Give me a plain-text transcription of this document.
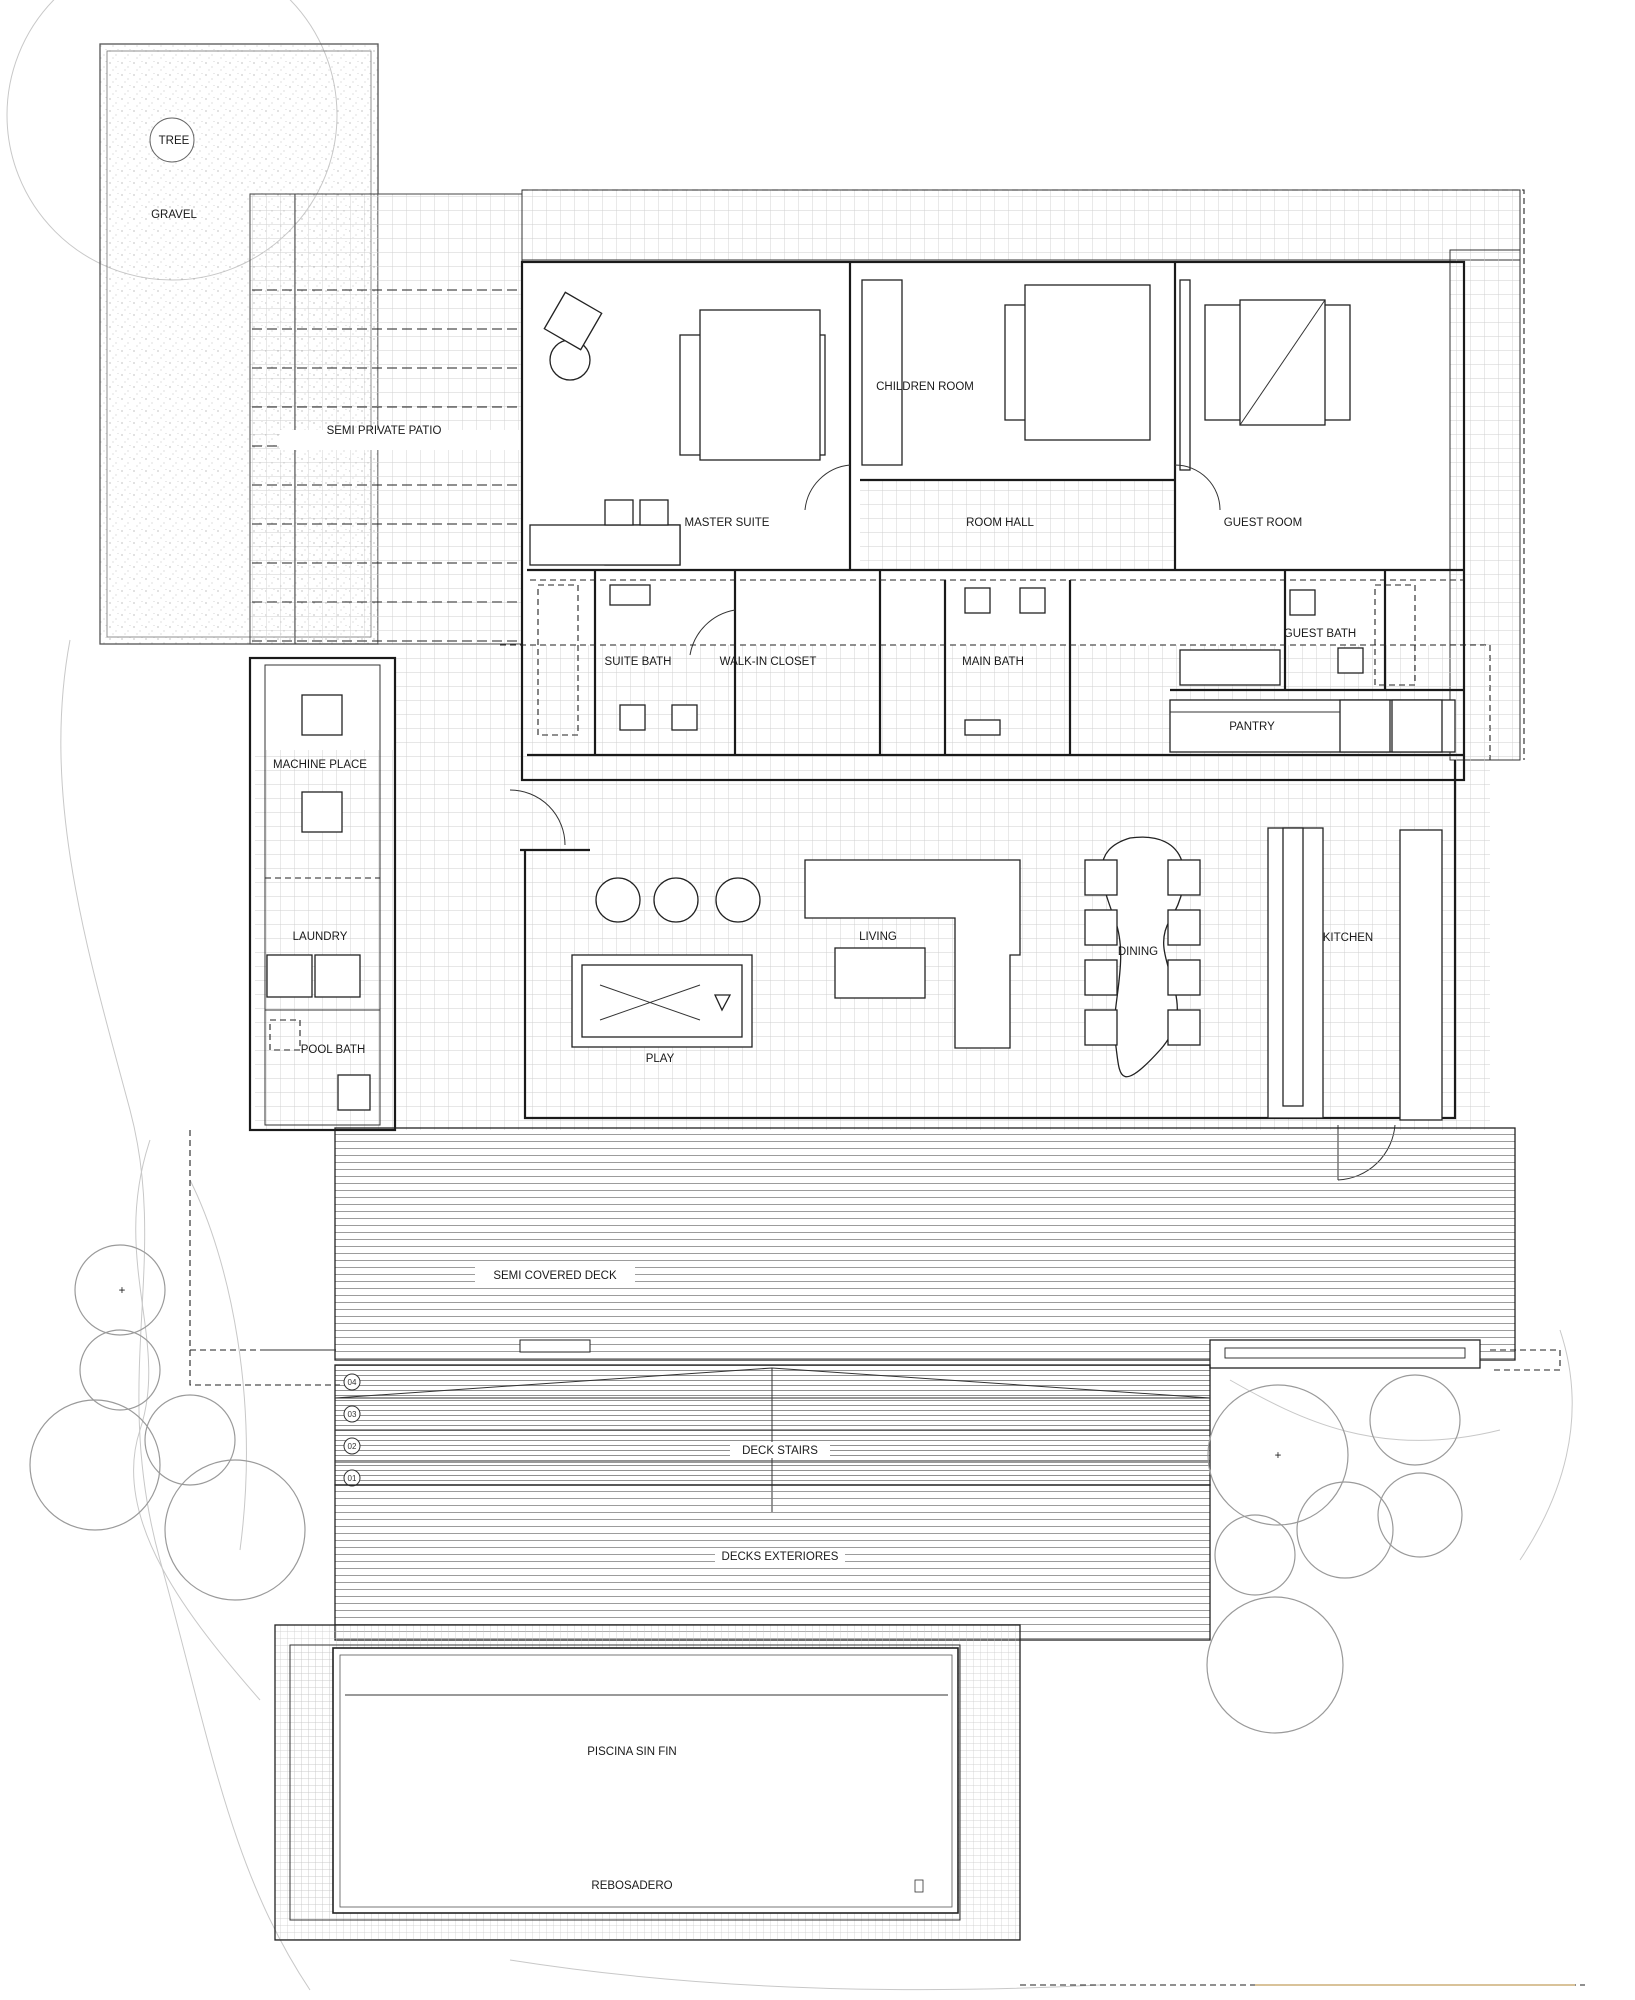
TREE
GRAVEL
SEMI PRIVATE PATIO
SEMI COVERED DECK
04
03
02
01
DECK STAIRS
DECKS EXTERIORES
PISCINA SIN FIN
REBOSADERO
+
+
MASTER SUITE
CHILDREN ROOM
ROOM HALL	GUEST ROOM
SUITE BATH	WALK-IN CLOSET	MAIN BATH
GUEST BATH
PANTRY
MACHINE PLACE
LAUNDRY
POOL BATH
LIVING
DINING
KITCHEN
PLAY
